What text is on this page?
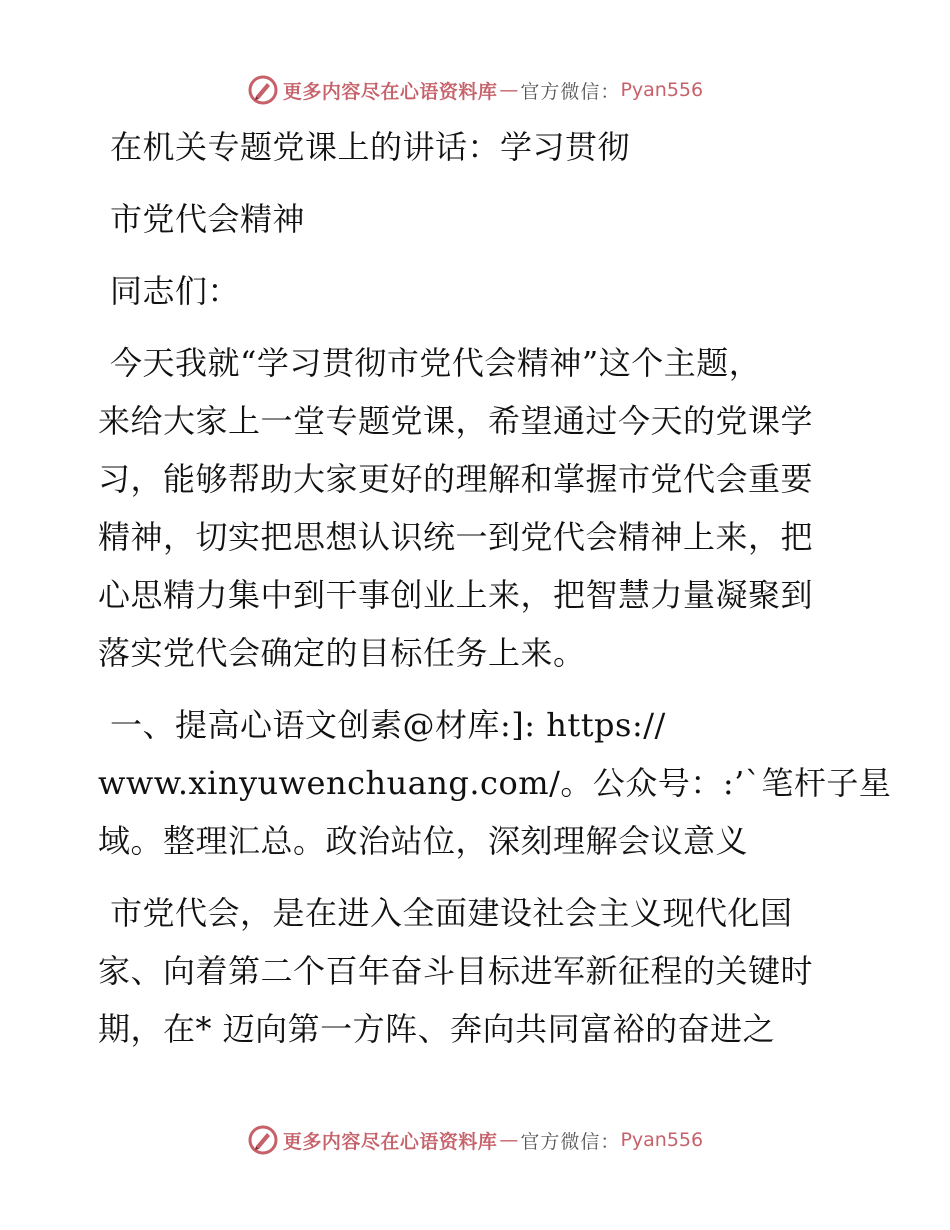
更多内容尽在心语资料库 — 官方微信： Pyan556

在机关专题党课上的讲话：学习贯彻

市党代会精神

同志们：

今天我就“学习贯彻市党代会精神”这个主题，

来给大家上一堂专题党课，希望通过今天的党课学

习，能够帮助大家更好的理解和掌握市党代会重要

精神，切实把思想认识统一到党代会精神上来，把

心思精力集中到干事创业上来，把智慧力量凝聚到

落实党代会确定的目标任务上来。

一、提高心语文创素@材库:]: https://

www.xinyuwenchuang.com/。公众号：:’`笔杆子星

域。整理汇总。政治站位，深刻理解会议意义

市党代会，是在进入全面建设社会主义现代化国

家、向着第二个百年奋斗目标进军新征程的关键时

期，在* 迈向第一方阵、奔向共同富裕的奋进之

更多内容尽在心语资料库 — 官方微信： Pyan556
